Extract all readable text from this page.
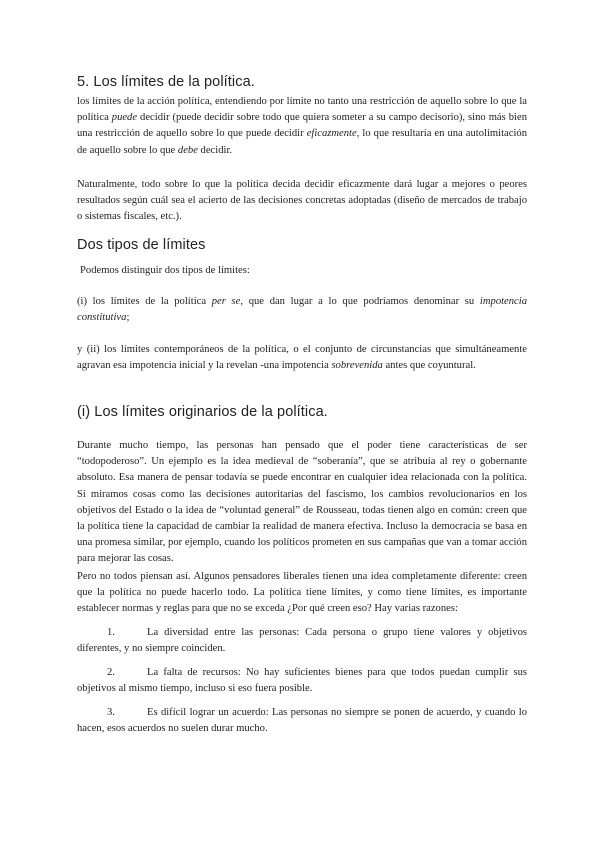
5. Los límites de la política.

los límites de la acción política, entendiendo por límite no tanto una restricción de aquello sobre lo que la política puede decidir (puede decidir sobre todo que quiera someter a su campo decisorio), sino más bien una restricción de aquello sobre lo que puede decidir eficazmente, lo que resultaría en una autolimitación de aquello sobre lo que debe decidir.

Naturalmente, todo sobre lo que la política decida decidir eficazmente dará lugar a mejores o peores resultados según cuál sea el acierto de las decisiones concretas adoptadas (diseño de mercados de trabajo o sistemas fiscales, etc.).

Dos tipos de límites

Podemos distinguir dos tipos de límites:

(i) los límites de la política per se, que dan lugar a lo que podríamos denominar su impotencia constitutiva;

y (ii) los límites contemporáneos de la política, o el conjunto de circunstancias que simultáneamente agravan esa impotencia inicial y la revelan -una impotencia sobrevenida antes que coyuntural.

(i) Los límites originarios de la política.

Durante mucho tiempo, las personas han pensado que el poder tiene características de ser “todopoderoso”. Un ejemplo es la idea medieval de “soberanía”, que se atribuía al rey o gobernante absoluto. Esa manera de pensar todavía se puede encontrar en cualquier idea relacionada con la política. Si miramos cosas como las decisiones autoritarias del fascismo, los cambios revolucionarios en los objetivos del Estado o la idea de “voluntad general” de Rousseau, todas tienen algo en común: creen que la política tiene la capacidad de cambiar la realidad de manera efectiva. Incluso la democracia se basa en una promesa similar, por ejemplo, cuando los políticos prometen en sus campañas que van a tomar acción para mejorar las cosas.

Pero no todos piensan así. Algunos pensadores liberales tienen una idea completamente diferente: creen que la política no puede hacerlo todo. La política tiene límites, y como tiene límites, es importante establecer normas y reglas para que no se exceda ¿Por qué creen eso? Hay varias razones:

1.	La diversidad entre las personas: Cada persona o grupo tiene valores y objetivos diferentes, y no siempre coinciden.

2.	La falta de recursos: No hay suficientes bienes para que todos puedan cumplir sus objetivos al mismo tiempo, incluso si eso fuera posible.

3.	Es difícil lograr un acuerdo: Las personas no siempre se ponen de acuerdo, y cuando lo hacen, esos acuerdos no suelen durar mucho.
